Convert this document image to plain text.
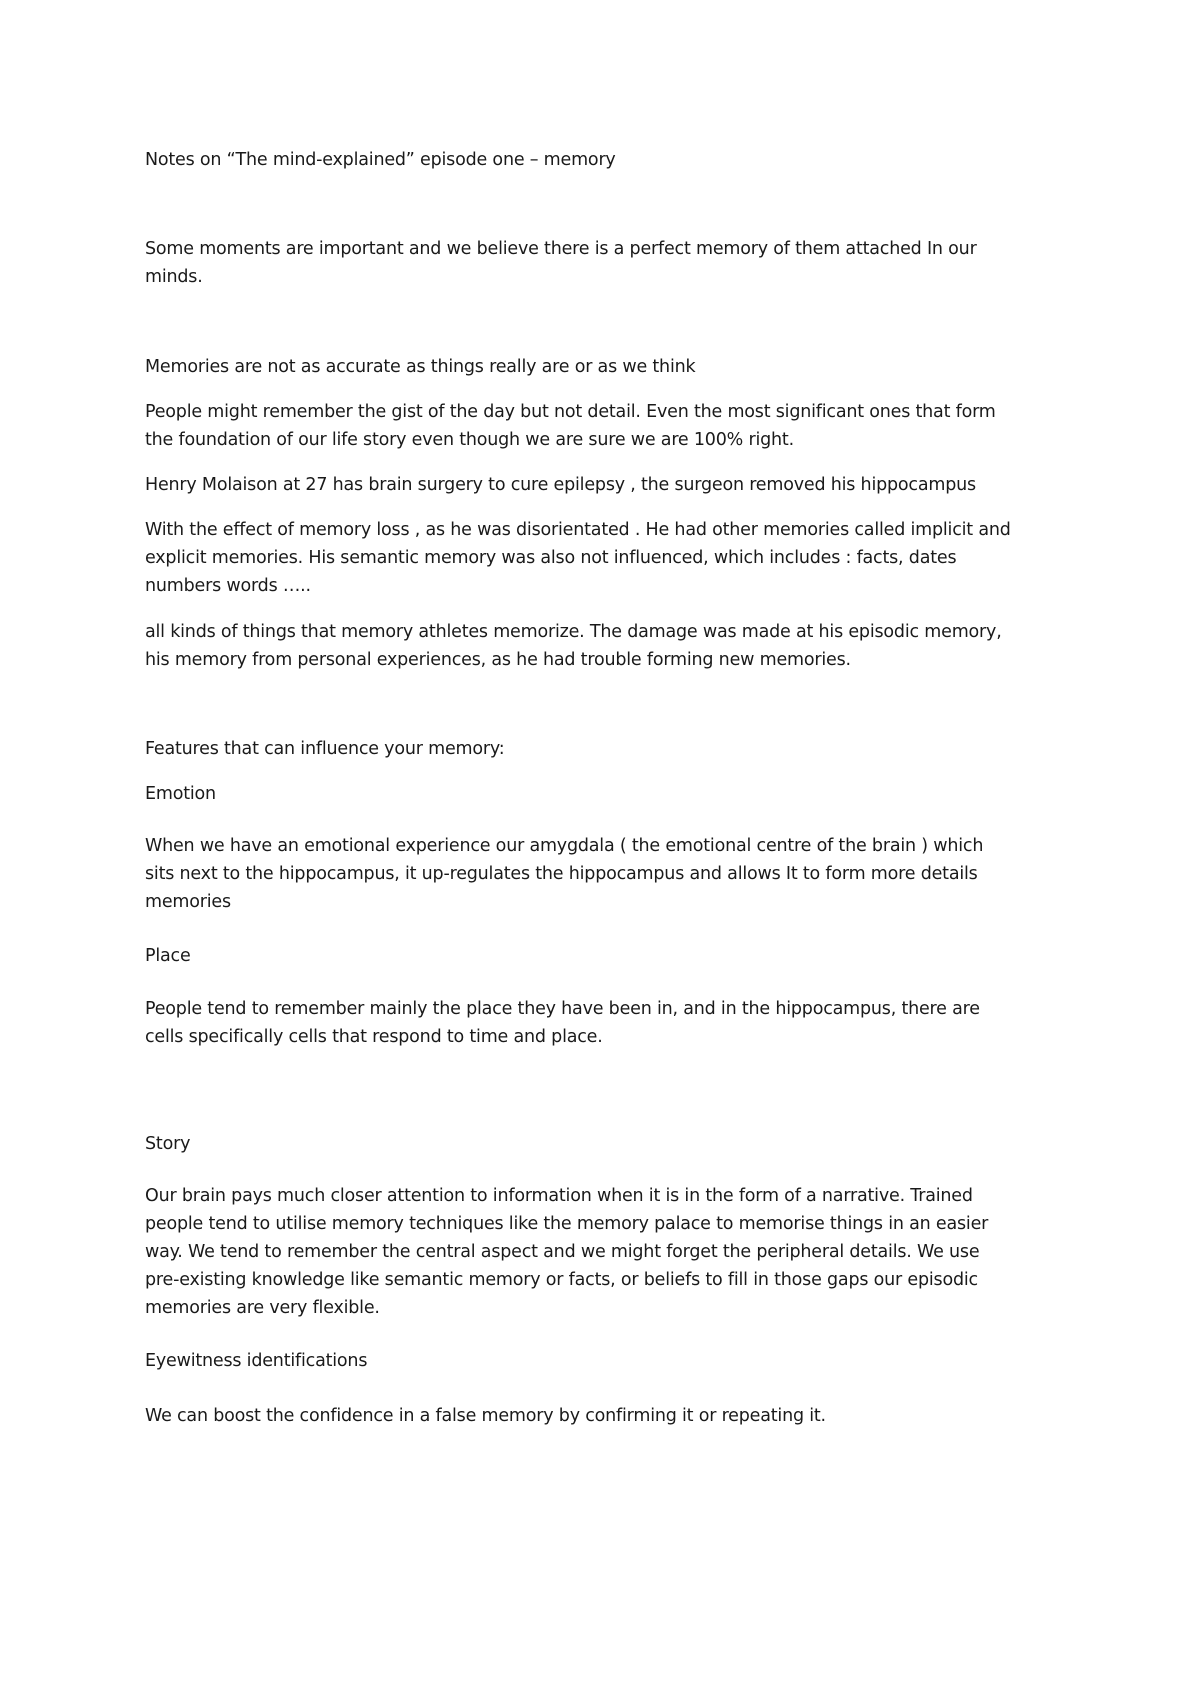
Notes on “The mind-explained” episode one – memory

Some moments are important and we believe there is a perfect memory of them attached In our

minds.

Memories are not as accurate as things really are or as we think

People might remember the gist of the day but not detail. Even the most significant ones that form

the foundation of our life story even though we are sure we are 100% right.

Henry Molaison at 27 has brain surgery to cure epilepsy , the surgeon removed his hippocampus

With the effect of memory loss , as he was disorientated . He had other memories called implicit and

explicit memories. His semantic memory was also not influenced, which includes : facts, dates

numbers words …..

all kinds of things that memory athletes memorize. The damage was made at his episodic memory,

his memory from personal experiences, as he had trouble forming new memories.

Features that can influence your memory:

Emotion

When we have an emotional experience our amygdala ( the emotional centre of the brain ) which

sits next to the hippocampus, it up-regulates the hippocampus and allows It to form more details

memories

Place

People tend to remember mainly the place they have been in, and in the hippocampus, there are

cells specifically cells that respond to time and place.

Story

Our brain pays much closer attention to information when it is in the form of a narrative. Trained

people tend to utilise memory techniques like the memory palace to memorise things in an easier

way. We tend to remember the central aspect and we might forget the peripheral details. We use

pre-existing knowledge like semantic memory or facts, or beliefs to fill in those gaps our episodic

memories are very flexible.

Eyewitness identifications

We can boost the confidence in a false memory by confirming it or repeating it.
